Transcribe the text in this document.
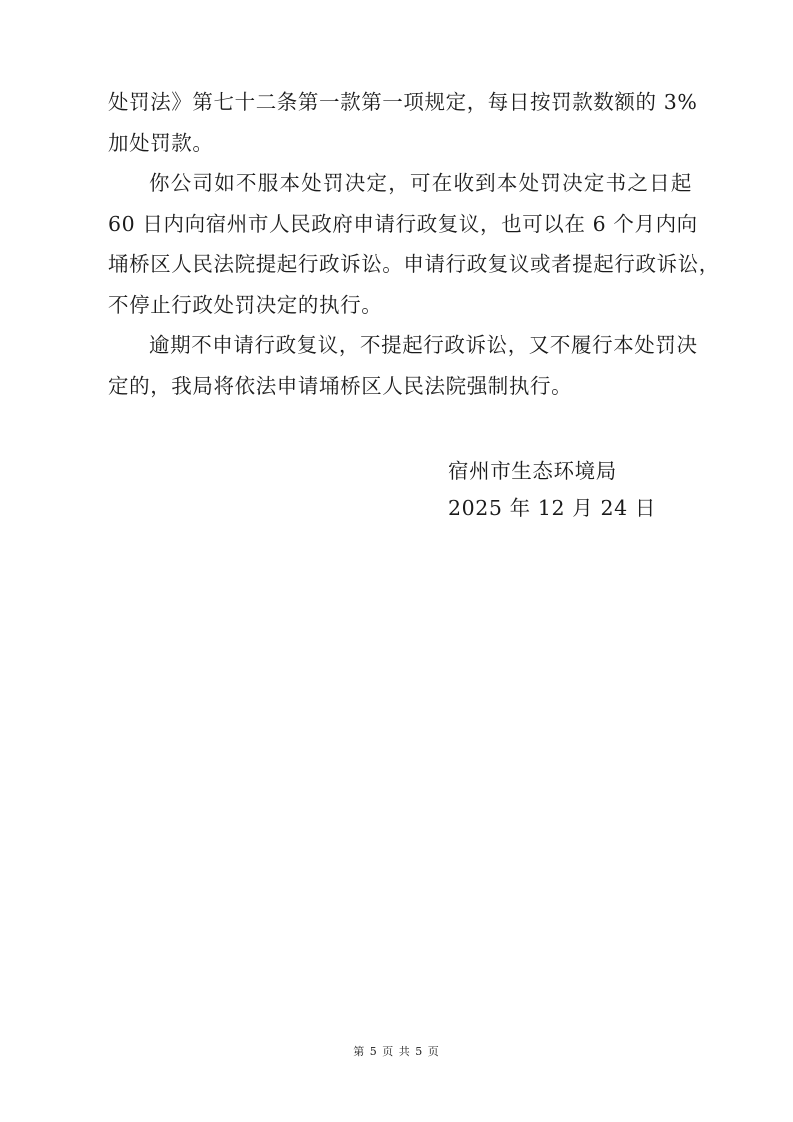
处罚法》第七十二条第一款第一项规定，每日按罚款数额的 3%
加处罚款。
你公司如不服本处罚决定，可在收到本处罚决定书之日起
60 日内向宿州市人民政府申请行政复议，也可以在 6 个月内向
埇桥区人民法院提起行政诉讼。申请行政复议或者提起行政诉讼，
不停止行政处罚决定的执行。
逾期不申请行政复议，不提起行政诉讼，又不履行本处罚决
定的，我局将依法申请埇桥区人民法院强制执行。
宿州市生态环境局
2025 年 12 月 24 日
第 5 页 共 5 页
